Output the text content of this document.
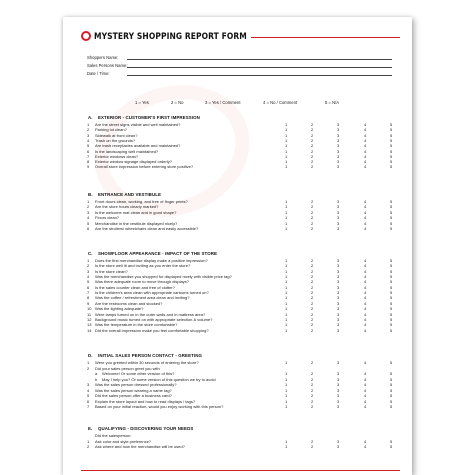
MYSTERY SHOPPING REPORT FORM
Shoppers Name:
Sales Persons Name:
Date / Time:
1 = Yes	2 = No	3 = Yes / Comment	4 = No / Comment	5 = N/A
A. EXTERIOR - CUSTOMER'S FIRST IMPRESSION
1	Are the street signs visible and well maintained?	1	2	3	4	5
2	Parking lot clean?	1	2	3	4	5
3	Sidewalk at front clean?	1	2	3	4	5
4	Trash on the grounds?	1	2	3	4	5
5	Are trash receptacles available and maintained?	1	2	3	4	5
6	Is the landscaping well maintained?	1	2	3	4	5
7	Exterior windows clean?	1	2	3	4	5
8	Exterior window signage displayed orderly?	1	2	3	4	5
9	Overall store impression before entering store positive?	1	2	3	4	5
B. ENTRANCE AND VESTIBULE
1	Front doors clean, working, and free of finger prints?	1	2	3	4	5
2	Are the store hours clearly marked?	1	2	3	4	5
3	Is the welcome mat clean and in good shape?	1	2	3	4	5
4	Floors clean?	1	2	3	4	5
5	Merchandise in the vestibule displayed nicely?	1	2	3	4	5
6	Are the strollers/ wheelchairs clean and easily accessible?	1	2	3	4	5
C. SHOWFLOOR APPEARANCE - IMPACT OF THE STORE
1	Does the first merchandise display make a positive impression?	1	2	3	4	5
2	Is the store well lit and inviting as you enter the store?	1	2	3	4	5
3	Is the store clean?	1	2	3	4	5
4	Was the merchandise you shopped for displayed nicely with visible price tag?	1	2	3	4	5
5	Was there adequate room to move through displays?	1	2	3	4	5
6	Is the sales counter clean and free of clutter?	1	2	3	4	5
7	Is the children's area clean with appropriate cartoons turned on?	1	2	3	4	5
8	Was the coffee / refreshment area clean and inviting?	1	2	3	4	5
9	Are the restrooms clean and stocked?	1	2	3	4	5
10 Was the lighting adequate?	1	2	3	4	5
11 Were lamps turned on in the outer walls and in mattress area?	1	2	3	4	5
12 Background music turned on with appropriate selection & volume?	1	2	3	4	5
13 Was the temperature in the store comfortable?	1	2	3	4	5
14 Did the overall impression make you feel comfortable shopping?	1	2	3	4	5
D. INITIAL SALES PERSON CONTACT - GREETING
1	Were you greeted within 30 seconds of entering the store?	1	2	3	4	5
2	Did your sales person greet you with
a	Welcome! Or some other version of this?	1	2	3	4	5
b	May I help you? Or some version of this question we try to avoid	1	2	3	4	5
3	Was the sales person dressed professionally?	1	2	3	4	5
4	Was the sales person wearing a name tag?	1	2	3	4	5
5	Did the sales person offer a business card?	1	2	3	4	5
6	Explain the store layout and how to read displays / tags?	1	2	3	4	5
7	Based on your initial reaction, would you enjoy working with this person?	1	2	3	4	5
E. QUALIFYING - DISCOVERING YOUR NEEDS
Did the salesperson:
1	Ask color and style preference?	1	2	3	4	5
2	Ask where and how the merchandise will be used?	1	2	3	4	5
